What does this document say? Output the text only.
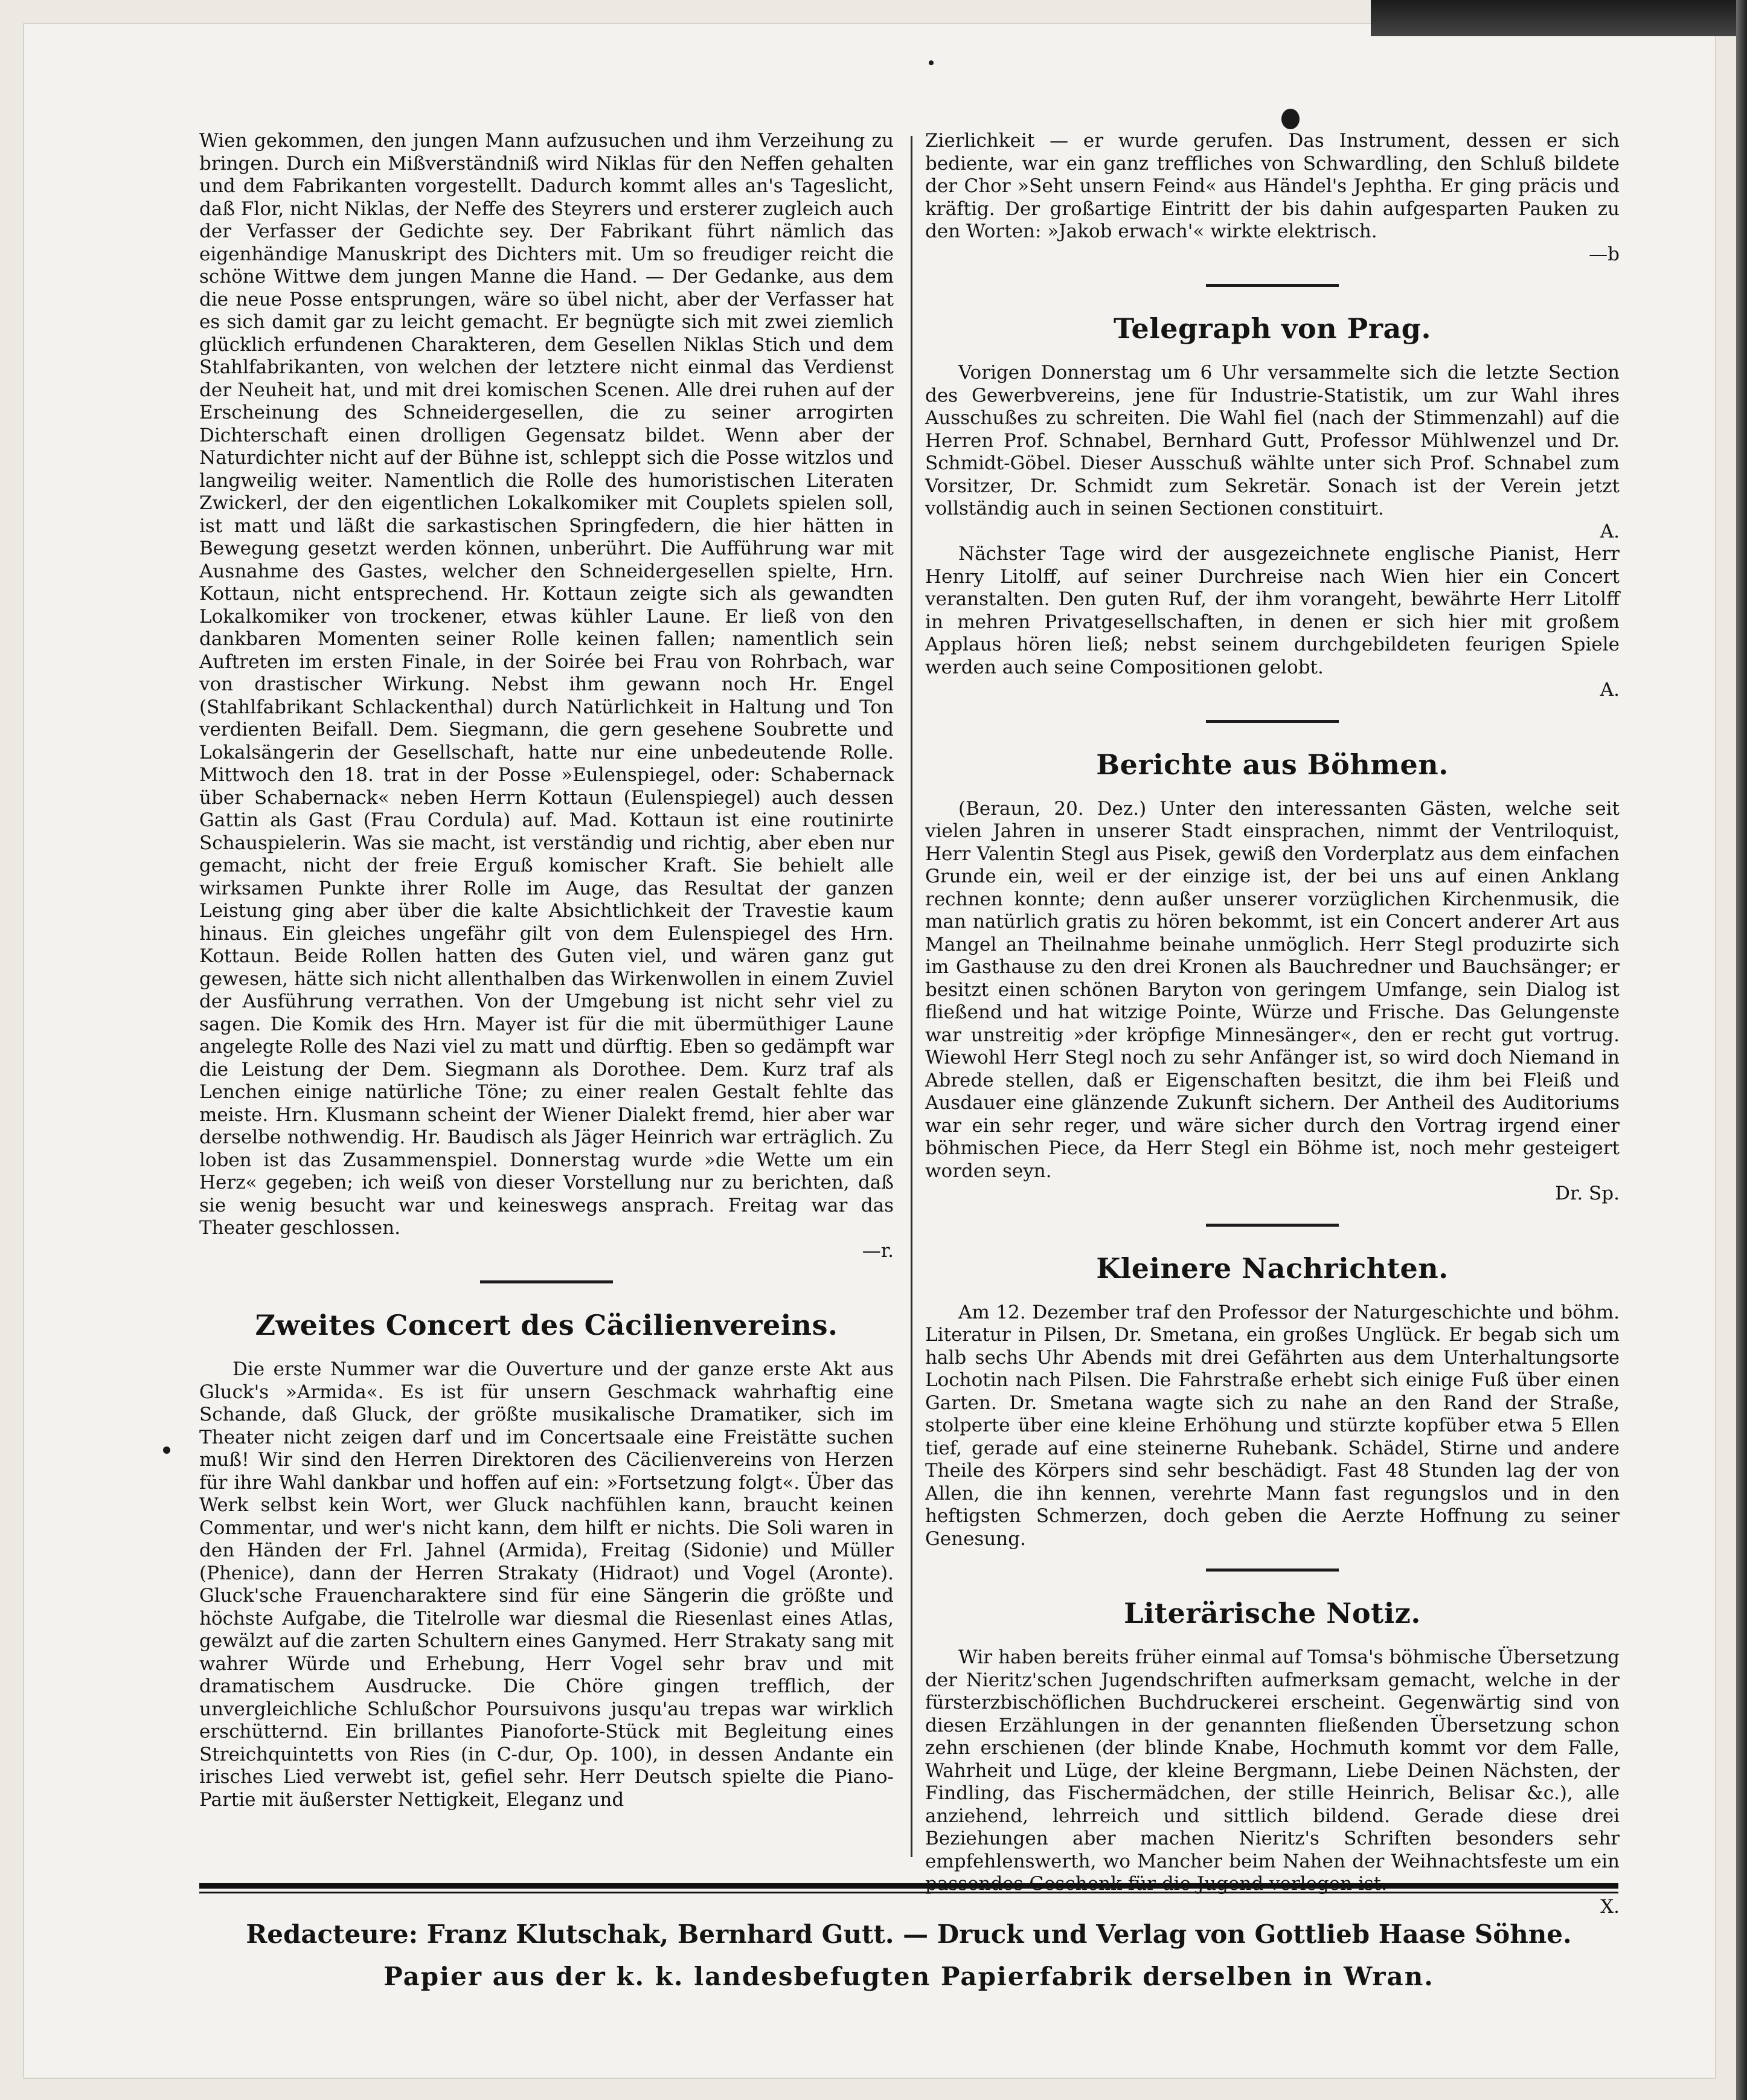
Wien gekommen, den jungen Mann aufzusuchen und ihm Verzeihung zu bringen. Durch ein Mißverständniß wird Niklas für den Neffen gehalten und dem Fabrikanten vorgestellt. Dadurch kommt alles an's Tageslicht, daß Flor, nicht Niklas, der Neffe des Steyrers und ersterer zugleich auch der Verfasser der Gedichte sey. Der Fabrikant führt nämlich das eigenhändige Manuskript des Dichters mit. Um so freudiger reicht die schöne Wittwe dem jungen Manne die Hand. — Der Gedanke, aus dem die neue Posse entsprungen, wäre so übel nicht, aber der Verfasser hat es sich damit gar zu leicht gemacht. Er begnügte sich mit zwei ziemlich glücklich erfundenen Charakteren, dem Gesellen Niklas Stich und dem Stahlfabrikanten, von welchen der letztere nicht einmal das Verdienst der Neuheit hat, und mit drei komischen Scenen. Alle drei ruhen auf der Erscheinung des Schneidergesellen, die zu seiner arrogirten Dichterschaft einen drolligen Gegensatz bildet. Wenn aber der Naturdichter nicht auf der Bühne ist, schleppt sich die Posse witzlos und langweilig weiter. Namentlich die Rolle des humoristischen Literaten Zwickerl, der den eigentlichen Lokalkomiker mit Couplets spielen soll, ist matt und läßt die sarkastischen Springfedern, die hier hätten in Bewegung gesetzt werden können, unberührt. Die Aufführung war mit Ausnahme des Gastes, welcher den Schneidergesellen spielte, Hrn. Kottaun, nicht entsprechend. Hr. Kottaun zeigte sich als gewandten Lokalkomiker von trockener, etwas kühler Laune. Er ließ von den dankbaren Momenten seiner Rolle keinen fallen; namentlich sein Auftreten im ersten Finale, in der Soirée bei Frau von Rohrbach, war von drastischer Wirkung. Nebst ihm gewann noch Hr. Engel (Stahlfabrikant Schlackenthal) durch Natürlichkeit in Haltung und Ton verdienten Beifall. Dem. Siegmann, die gern gesehene Soubrette und Lokalsängerin der Gesellschaft, hatte nur eine unbedeutende Rolle. Mittwoch den 18. trat in der Posse »Eulenspiegel, oder: Schabernack über Schabernack« neben Herrn Kottaun (Eulenspiegel) auch dessen Gattin als Gast (Frau Cordula) auf. Mad. Kottaun ist eine routinirte Schauspielerin. Was sie macht, ist verständig und richtig, aber eben nur gemacht, nicht der freie Erguß komischer Kraft. Sie behielt alle wirksamen Punkte ihrer Rolle im Auge, das Resultat der ganzen Leistung ging aber über die kalte Absichtlichkeit der Travestie kaum hinaus. Ein gleiches ungefähr gilt von dem Eulenspiegel des Hrn. Kottaun. Beide Rollen hatten des Guten viel, und wären ganz gut gewesen, hätte sich nicht allenthalben das Wirkenwollen in einem Zuviel der Ausführung verrathen. Von der Umgebung ist nicht sehr viel zu sagen. Die Komik des Hrn. Mayer ist für die mit übermüthiger Laune angelegte Rolle des Nazi viel zu matt und dürftig. Eben so gedämpft war die Leistung der Dem. Siegmann als Dorothee. Dem. Kurz traf als Lenchen einige natürliche Töne; zu einer realen Gestalt fehlte das meiste. Hrn. Klusmann scheint der Wiener Dialekt fremd, hier aber war derselbe nothwendig. Hr. Baudisch als Jäger Heinrich war erträglich. Zu loben ist das Zusammenspiel. Donnerstag wurde »die Wette um ein Herz« gegeben; ich weiß von dieser Vorstellung nur zu berichten, daß sie wenig besucht war und keineswegs ansprach. Freitag war das Theater geschlossen.

—r.

Zweites Concert des Cäcilienvereins.

Die erste Nummer war die Ouverture und der ganze erste Akt aus Gluck's »Armida«. Es ist für unsern Geschmack wahrhaftig eine Schande, daß Gluck, der größte musikalische Dramatiker, sich im Theater nicht zeigen darf und im Concertsaale eine Freistätte suchen muß! Wir sind den Herren Direktoren des Cäcilienvereins von Herzen für ihre Wahl dankbar und hoffen auf ein: »Fortsetzung folgt«. Über das Werk selbst kein Wort, wer Gluck nachfühlen kann, braucht keinen Commentar, und wer's nicht kann, dem hilft er nichts. Die Soli waren in den Händen der Frl. Jahnel (Armida), Freitag (Sidonie) und Müller (Phenice), dann der Herren Strakaty (Hidraot) und Vogel (Aronte). Gluck'sche Frauencharaktere sind für eine Sängerin die größte und höchste Aufgabe, die Titelrolle war diesmal die Riesenlast eines Atlas, gewälzt auf die zarten Schultern eines Ganymed. Herr Strakaty sang mit wahrer Würde und Erhebung, Herr Vogel sehr brav und mit dramatischem Ausdrucke. Die Chöre gingen trefflich, der unvergleichliche Schlußchor Poursuivons jusqu'au trepas war wirklich erschütternd. Ein brillantes Pianoforte-Stück mit Begleitung eines Streichquintetts von Ries (in C-dur, Op. 100), in dessen Andante ein irisches Lied verwebt ist, gefiel sehr. Herr Deutsch spielte die Piano-Partie mit äußerster Nettigkeit, Eleganz und

Zierlichkeit — er wurde gerufen. Das Instrument, dessen er sich bediente, war ein ganz treffliches von Schwardling, den Schluß bildete der Chor »Seht unsern Feind« aus Händel's Jephtha. Er ging präcis und kräftig. Der großartige Eintritt der bis dahin aufgesparten Pauken zu den Worten: »Jakob erwach'« wirkte elektrisch.

—b

Telegraph von Prag.

Vorigen Donnerstag um 6 Uhr versammelte sich die letzte Section des Gewerbvereins, jene für Industrie-Statistik, um zur Wahl ihres Ausschußes zu schreiten. Die Wahl fiel (nach der Stimmenzahl) auf die Herren Prof. Schnabel, Bernhard Gutt, Professor Mühlwenzel und Dr. Schmidt-Göbel. Dieser Ausschuß wählte unter sich Prof. Schnabel zum Vorsitzer, Dr. Schmidt zum Sekretär. Sonach ist der Verein jetzt vollständig auch in seinen Sectionen constituirt.

A.

Nächster Tage wird der ausgezeichnete englische Pianist, Herr Henry Litolff, auf seiner Durchreise nach Wien hier ein Concert veranstalten. Den guten Ruf, der ihm vorangeht, bewährte Herr Litolff in mehren Privatgesellschaften, in denen er sich hier mit großem Applaus hören ließ; nebst seinem durchgebildeten feurigen Spiele werden auch seine Compositionen gelobt.

A.

Berichte aus Böhmen.

(Beraun, 20. Dez.) Unter den interessanten Gästen, welche seit vielen Jahren in unserer Stadt einsprachen, nimmt der Ventriloquist, Herr Valentin Stegl aus Pisek, gewiß den Vorderplatz aus dem einfachen Grunde ein, weil er der einzige ist, der bei uns auf einen Anklang rechnen konnte; denn außer unserer vorzüglichen Kirchenmusik, die man natürlich gratis zu hören bekommt, ist ein Concert anderer Art aus Mangel an Theilnahme beinahe unmöglich. Herr Stegl produzirte sich im Gasthause zu den drei Kronen als Bauchredner und Bauchsänger; er besitzt einen schönen Baryton von geringem Umfange, sein Dialog ist fließend und hat witzige Pointe, Würze und Frische. Das Gelungenste war unstreitig »der kröpfige Minnesänger«, den er recht gut vortrug. Wiewohl Herr Stegl noch zu sehr Anfänger ist, so wird doch Niemand in Abrede stellen, daß er Eigenschaften besitzt, die ihm bei Fleiß und Ausdauer eine glänzende Zukunft sichern. Der Antheil des Auditoriums war ein sehr reger, und wäre sicher durch den Vortrag irgend einer böhmischen Piece, da Herr Stegl ein Böhme ist, noch mehr gesteigert worden seyn.

Dr. Sp.

Kleinere Nachrichten.

Am 12. Dezember traf den Professor der Naturgeschichte und böhm. Literatur in Pilsen, Dr. Smetana, ein großes Unglück. Er begab sich um halb sechs Uhr Abends mit drei Gefährten aus dem Unterhaltungsorte Lochotin nach Pilsen. Die Fahrstraße erhebt sich einige Fuß über einen Garten. Dr. Smetana wagte sich zu nahe an den Rand der Straße, stolperte über eine kleine Erhöhung und stürzte kopfüber etwa 5 Ellen tief, gerade auf eine steinerne Ruhebank. Schädel, Stirne und andere Theile des Körpers sind sehr beschädigt. Fast 48 Stunden lag der von Allen, die ihn kennen, verehrte Mann fast regungslos und in den heftigsten Schmerzen, doch geben die Aerzte Hoffnung zu seiner Genesung.

Literärische Notiz.

Wir haben bereits früher einmal auf Tomsa's böhmische Übersetzung der Nieritz'schen Jugendschriften aufmerksam gemacht, welche in der fürsterzbischöflichen Buchdruckerei erscheint. Gegenwärtig sind von diesen Erzählungen in der genannten fließenden Übersetzung schon zehn erschienen (der blinde Knabe, Hochmuth kommt vor dem Falle, Wahrheit und Lüge, der kleine Bergmann, Liebe Deinen Nächsten, der Findling, das Fischermädchen, der stille Heinrich, Belisar &c.), alle anziehend, lehrreich und sittlich bildend. Gerade diese drei Beziehungen aber machen Nieritz's Schriften besonders sehr empfehlenswerth, wo Mancher beim Nahen der Weihnachtsfeste um ein

X.

Redacteure: Franz Klutschak, Bernhard Gutt. — Druck und Verlag von Gottlieb Haase Söhne.
Papier aus der k. k. landesbefugten Papierfabrik derselben in Wran.
